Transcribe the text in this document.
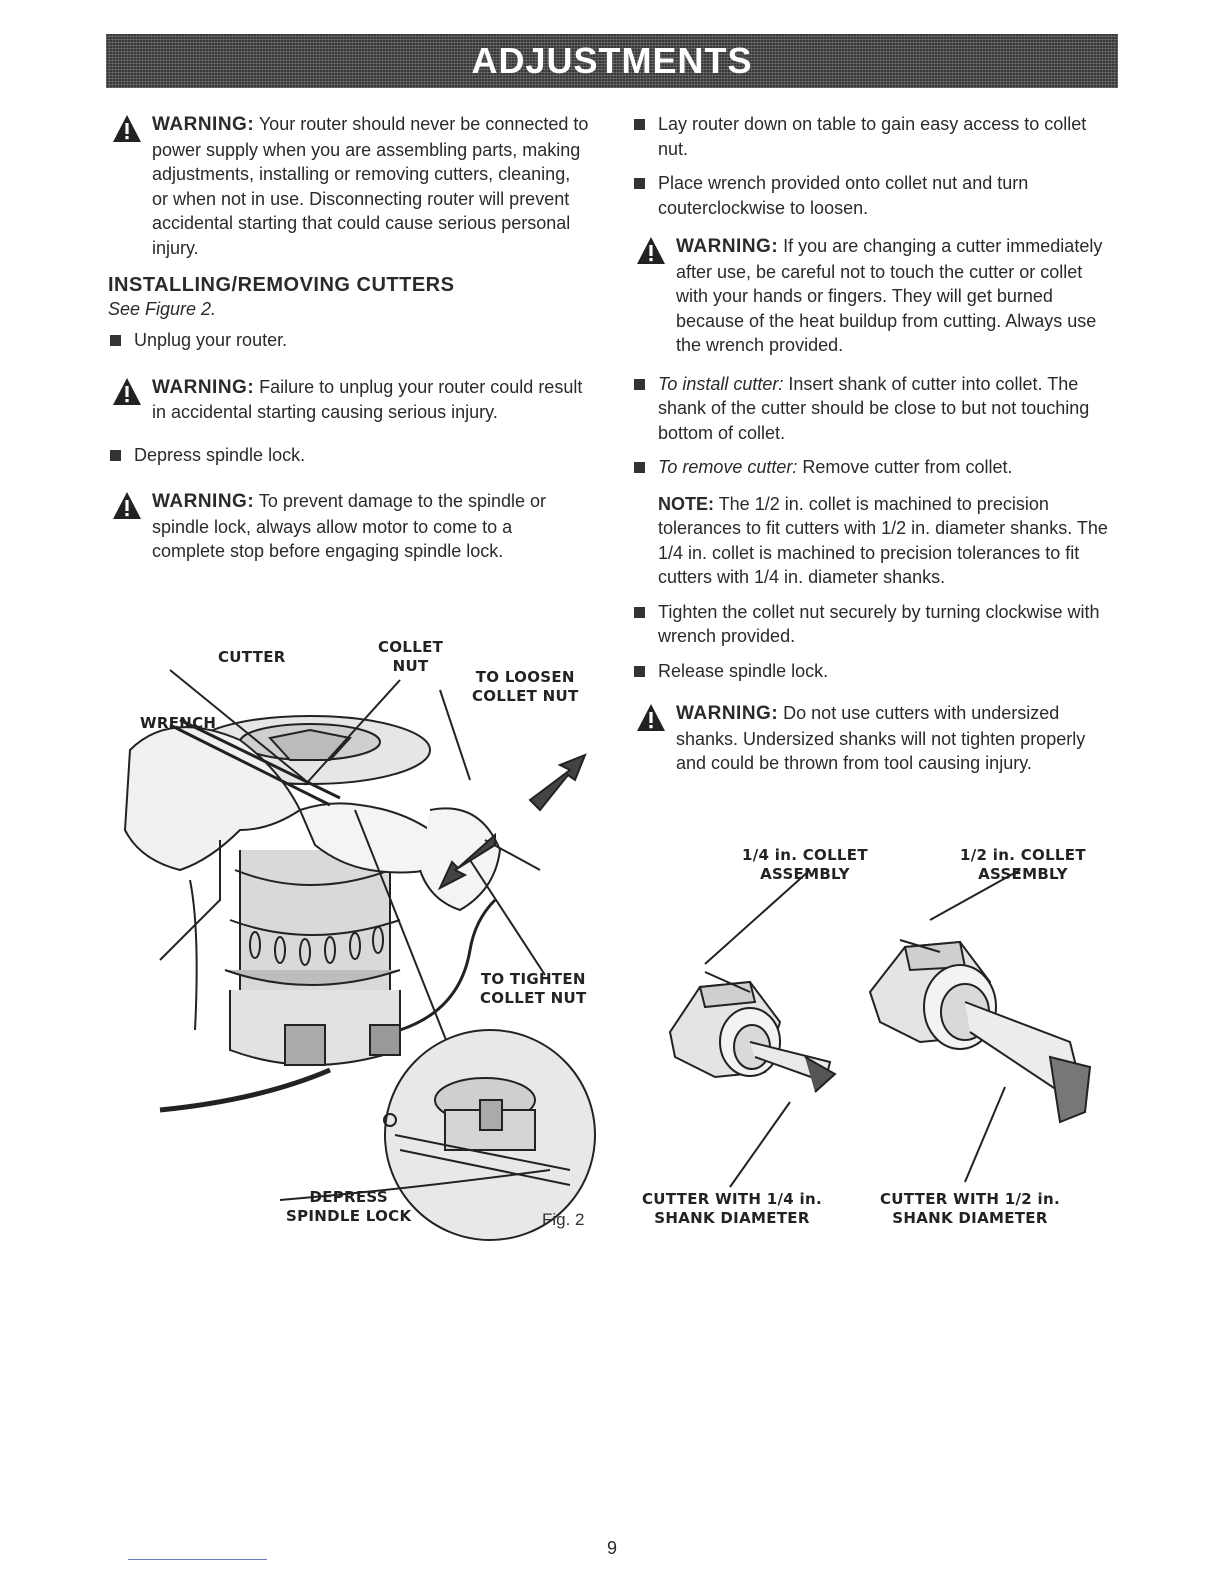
ADJUSTMENTS
WARNING: Your router should never be connected to power supply when you are assembling parts, making adjustments, installing or removing cutters, cleaning, or when not in use. Disconnecting router will prevent accidental starting that could cause serious personal injury.
INSTALLING/REMOVING CUTTERS
See Figure 2.
Unplug your router.
WARNING: Failure to unplug your router could result in accidental starting causing serious injury.
Depress spindle lock.
WARNING: To prevent damage to the spindle or spindle lock, always allow motor to come to a complete stop before engaging spindle lock.
Lay router down on table to gain easy access to collet nut.
Place wrench provided onto collet nut and turn couterclockwise to loosen.
WARNING: If you are changing a cutter immediately after use, be careful not to touch the cutter or collet with your hands or fingers. They will get burned because of the heat buildup from cutting. Always use the wrench provided.
To install cutter: Insert shank of cutter into collet. The shank of the cutter should be close to but not touching bottom of collet.
To remove cutter: Remove cutter from collet.
NOTE: The 1/2 in. collet is machined to precision tolerances to fit cutters with 1/2 in. diameter shanks. The 1/4 in. collet is machined to precision tolerances to fit cutters with 1/4 in. diameter shanks.
Tighten the collet nut securely by turning clockwise with wrench provided.
Release spindle lock.
WARNING: Do not use cutters with undersized shanks. Undersized shanks will not tighten properly and could be thrown from tool causing injury.
CUTTER
COLLET
NUT
WRENCH
TO LOOSEN
COLLET NUT
TO TIGHTEN
COLLET NUT
DEPRESS
SPINDLE LOCK	Fig. 2
1/4 in. COLLET
ASSEMBLY
1/2 in. COLLET
ASSEMBLY
CUTTER WITH 1/4 in.
SHANK DIAMETER
CUTTER WITH 1/2 in.
SHANK DIAMETER
9
